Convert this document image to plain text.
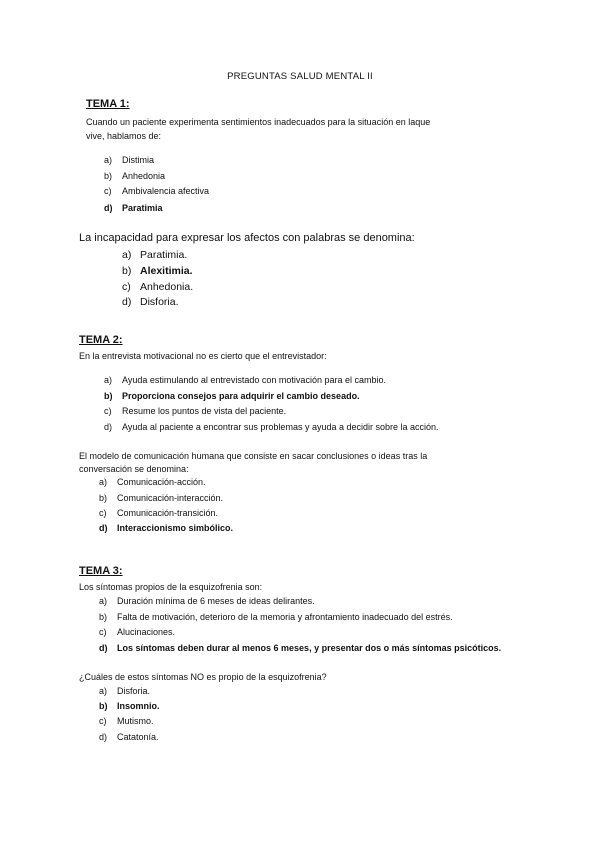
PREGUNTAS SALUD MENTAL II
TEMA 1:
Cuando un paciente experimenta sentimientos inadecuados para la situación en laque
vive, hablamos de:
a) Distimia
b) Anhedonia
c) Ambivalencia afectiva
d) Paratimia
La incapacidad para expresar los afectos con palabras se denomina:
a) Paratimia.
b) Alexitimia.
c) Anhedonia.
d) Disforia.
TEMA 2:
En la entrevista motivacional no es cierto que el entrevistador:
a) Ayuda estimulando al entrevistado con motivación para el cambio.
b) Proporciona consejos para adquirir el cambio deseado.
c) Resume los puntos de vista del paciente.
d) Ayuda al paciente a encontrar sus problemas y ayuda a decidir sobre la acción.
El modelo de comunicación humana que consiste en sacar conclusiones o ideas tras la
conversación se denomina:
a) Comunicación-acción.
b) Comunicación-interacción.
c) Comunicación-transición.
d) Interaccionismo simbólico.
TEMA 3:
Los síntomas propios de la esquizofrenia son:
a) Duración mínima de 6 meses de ideas delirantes.
b) Falta de motivación, deterioro de la memoria y afrontamiento inadecuado del estrés.
c) Alucinaciones.
d) Los síntomas deben durar al menos 6 meses, y presentar dos o más síntomas psicóticos.
¿Cuáles de estos síntomas NO es propio de la esquizofrenia?
a) Disforia.
b) Insomnio.
c) Mutismo.
d) Catatonía.
